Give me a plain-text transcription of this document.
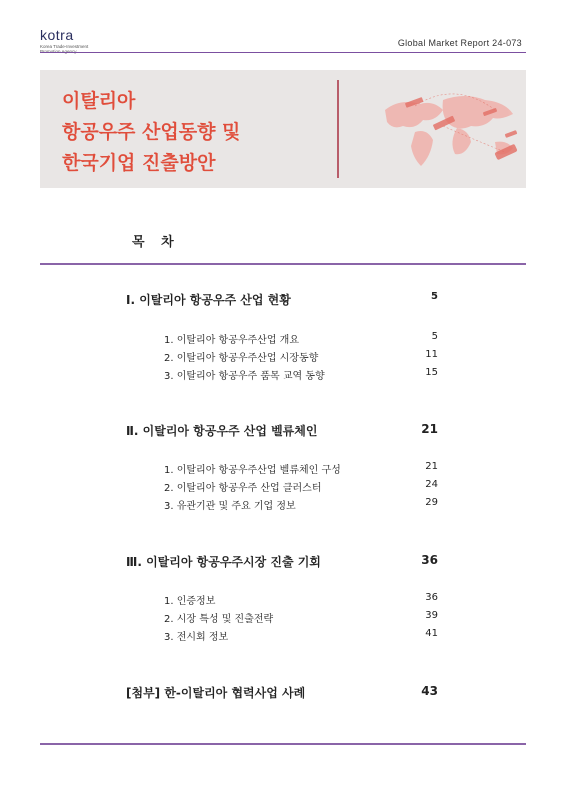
kotra
Korea Trade-Investment	Global Market Report 24-073
이탈리아
항공우주 산업동향 및
한국기업 진출방안
목 차
Ⅰ. 이탈리아 항공우주 산업 현황	5
1. 이탈리아 항공우주산업 개요	5
2. 이탈리아 항공우주산업 시장동향	11
3. 이탈리아 항공우주 품목 교역 동향	15
Ⅱ. 이탈리아 항공우주 산업 벨류체인	21
1. 이탈리아 항공우주산업 벨류체인 구성	21
2. 이탈리아 항공우주 산업 클러스터	24
3. 유관기관 및 주요 기업 정보	29
Ⅲ. 이탈리아 항공우주시장 진출 기회	36
1. 인증정보	36
2. 시장 특성 및 진출전략	39
3. 전시회 정보	41
[첨부] 한-이탈리아 협력사업 사례	43
